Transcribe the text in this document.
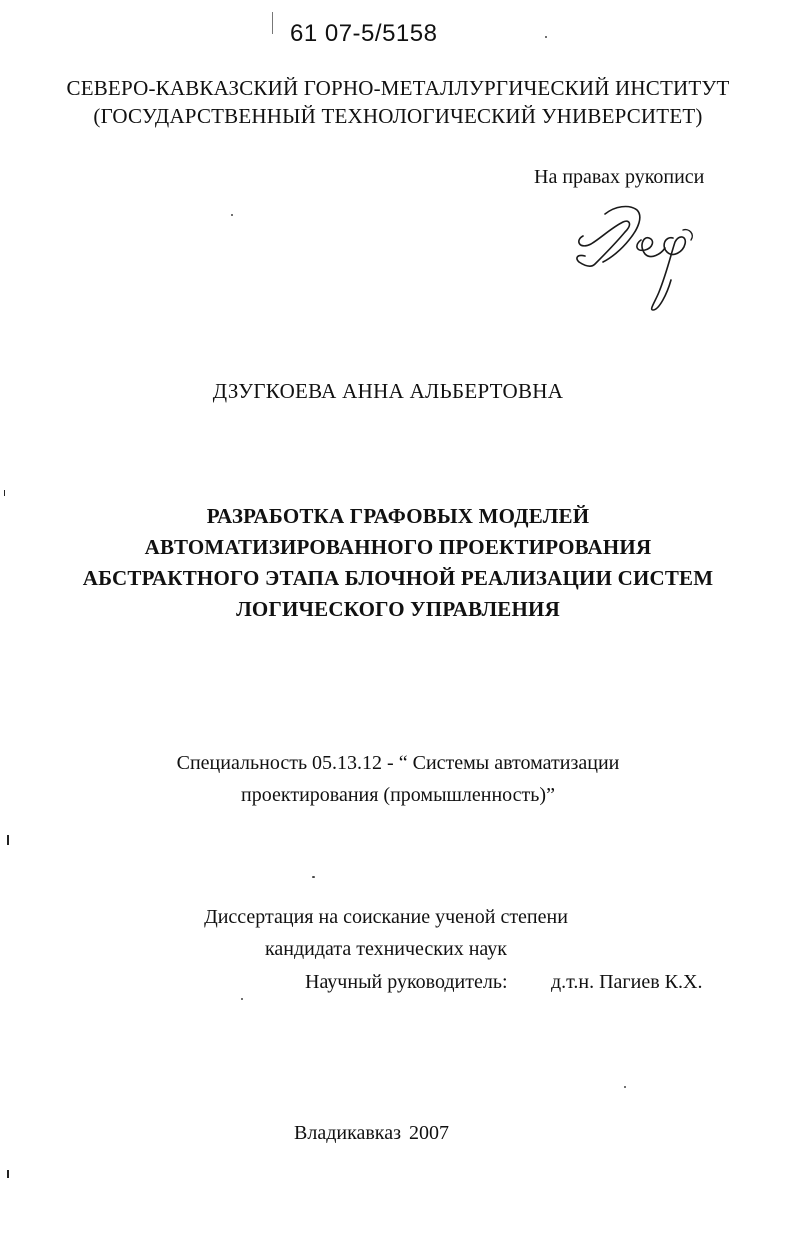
61 07-5/5158
СЕВЕРО-КАВКАЗСКИЙ ГОРНО-МЕТАЛЛУРГИЧЕСКИЙ ИНСТИТУТ
(ГОСУДАРСТВЕННЫЙ ТЕХНОЛОГИЧЕСКИЙ УНИВЕРСИТЕТ)
На правах рукописи
ДЗУГКОЕВА АННА АЛЬБЕРТОВНА
РАЗРАБОТКА ГРАФОВЫХ МОДЕЛЕЙ
АВТОМАТИЗИРОВАННОГО ПРОЕКТИРОВАНИЯ
АБСТРАКТНОГО ЭТАПА БЛОЧНОЙ РЕАЛИЗАЦИИ СИСТЕМ
ЛОГИЧЕСКОГО УПРАВЛЕНИЯ
Специальность 05.13.12 - “ Системы автоматизации
проектирования (промышленность)”
Диссертация на соискание ученой степени
кандидата технических наук
Научный руководитель: д.т.н. Пагиев К.Х.
Владикавказ 2007
